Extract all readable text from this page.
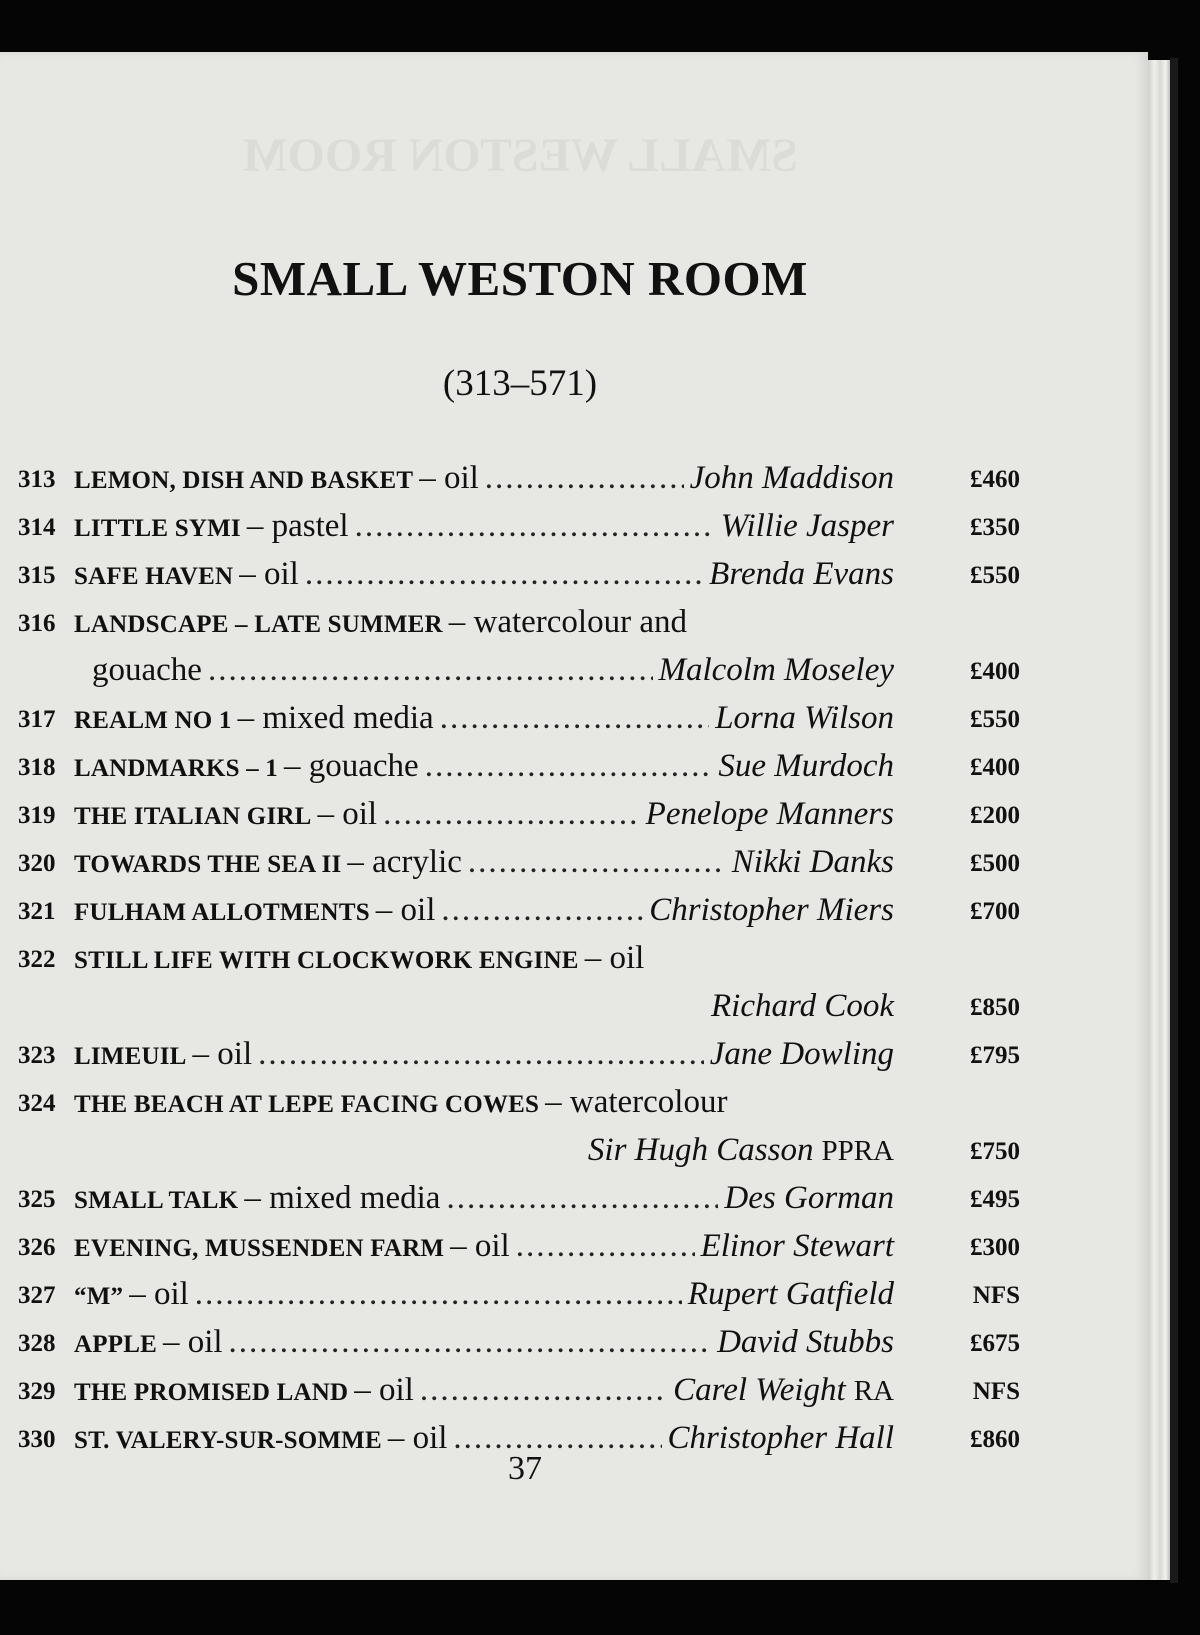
SMALL WESTON ROOM
SMALL WESTON ROOM
(313–571)
313 LEMON, DISH AND BASKET – oil .....	John Maddison	£460
314 LITTLE SYMI – pastel .....	Willie Jasper	£350
315 SAFE HAVEN – oil .....	Brenda Evans	£550
316 LANDSCAPE – LATE SUMMER – watercolour and
gouache .....	Malcolm Moseley	£400
317 REALM NO 1 – mixed media .....	Lorna Wilson	£550
318 LANDMARKS – 1 – gouache .....	Sue Murdoch	£400
319 THE ITALIAN GIRL – oil .....	Penelope Manners	£200
320 TOWARDS THE SEA II – acrylic .....	Nikki Danks	£500
321 FULHAM ALLOTMENTS – oil .....	Christopher Miers	£700
322 STILL LIFE WITH CLOCKWORK ENGINE – oil
Richard Cook	£850
323 LIMEUIL – oil .....	Jane Dowling	£795
324 THE BEACH AT LEPE FACING COWES – watercolour
Sir Hugh Casson PPRA	£750
325 SMALL TALK – mixed media .....	Des Gorman	£495
326 EVENING, MUSSENDEN FARM – oil .....	Elinor Stewart	£300
327 “M” – oil .....	Rupert Gatfield	NFS
328 APPLE – oil .....	David Stubbs	£675
329 THE PROMISED LAND – oil .....	Carel Weight RA	NFS
330 ST. VALERY-SUR-SOMME – oil .....	Christopher Hall	£860
37
